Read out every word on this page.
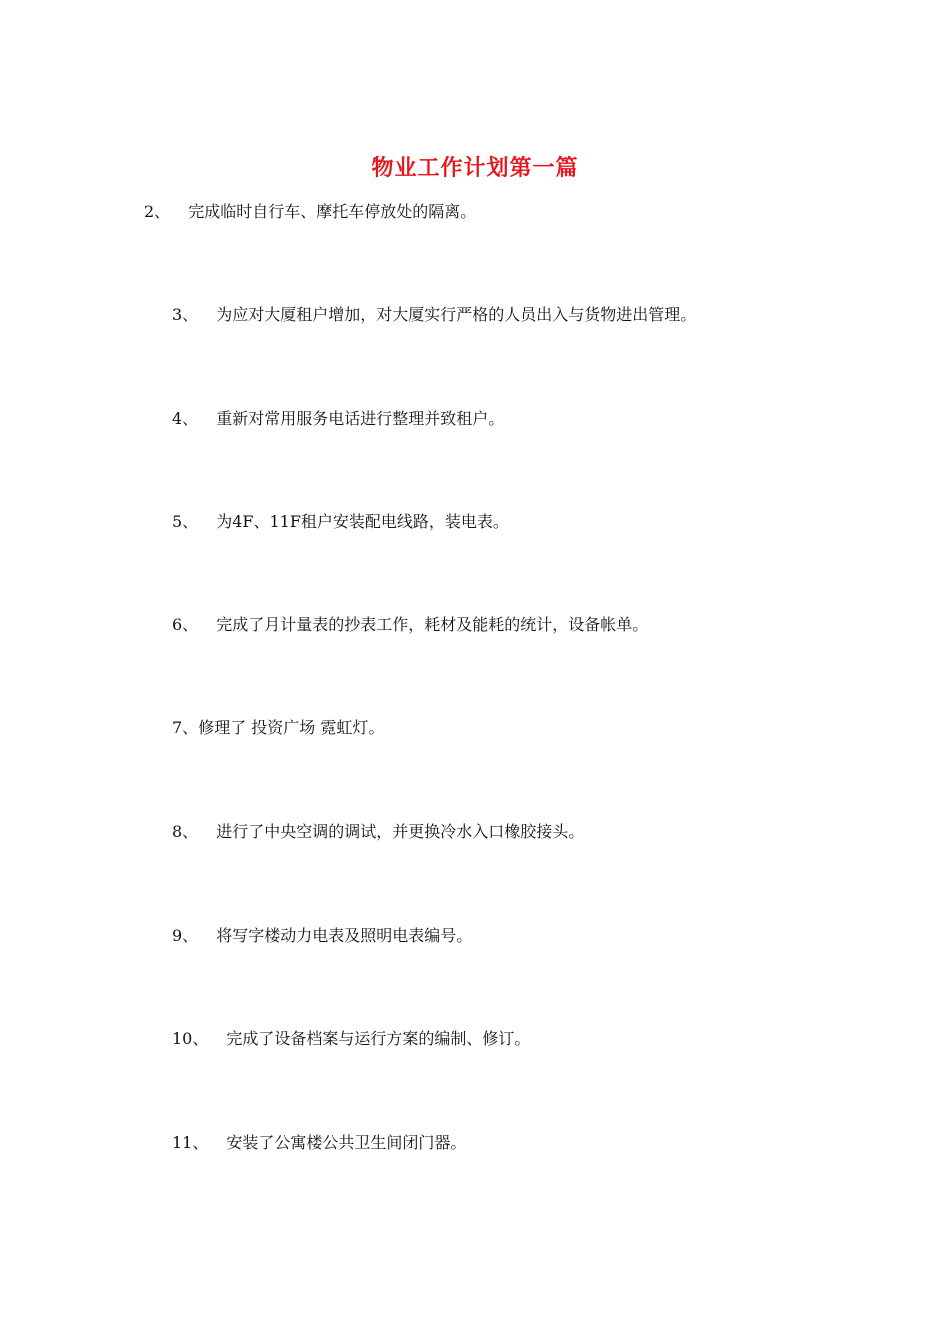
物业工作计划第一篇
2、 完成临时自行车、摩托车停放处的隔离。
3、 为应对大厦租户增加，对大厦实行严格的人员出入与货物进出管理。
4、 重新对常用服务电话进行整理并致租户。
5、 为4F、11F租户安装配电线路，装电表。
6、 完成了月计量表的抄表工作，耗材及能耗的统计，设备帐单。
7、修理了 投资广场 霓虹灯。
8、 进行了中央空调的调试，并更换冷水入口橡胶接头。
9、 将写字楼动力电表及照明电表编号。
10、 完成了设备档案与运行方案的编制、修订。
11、 安装了公寓楼公共卫生间闭门器。
